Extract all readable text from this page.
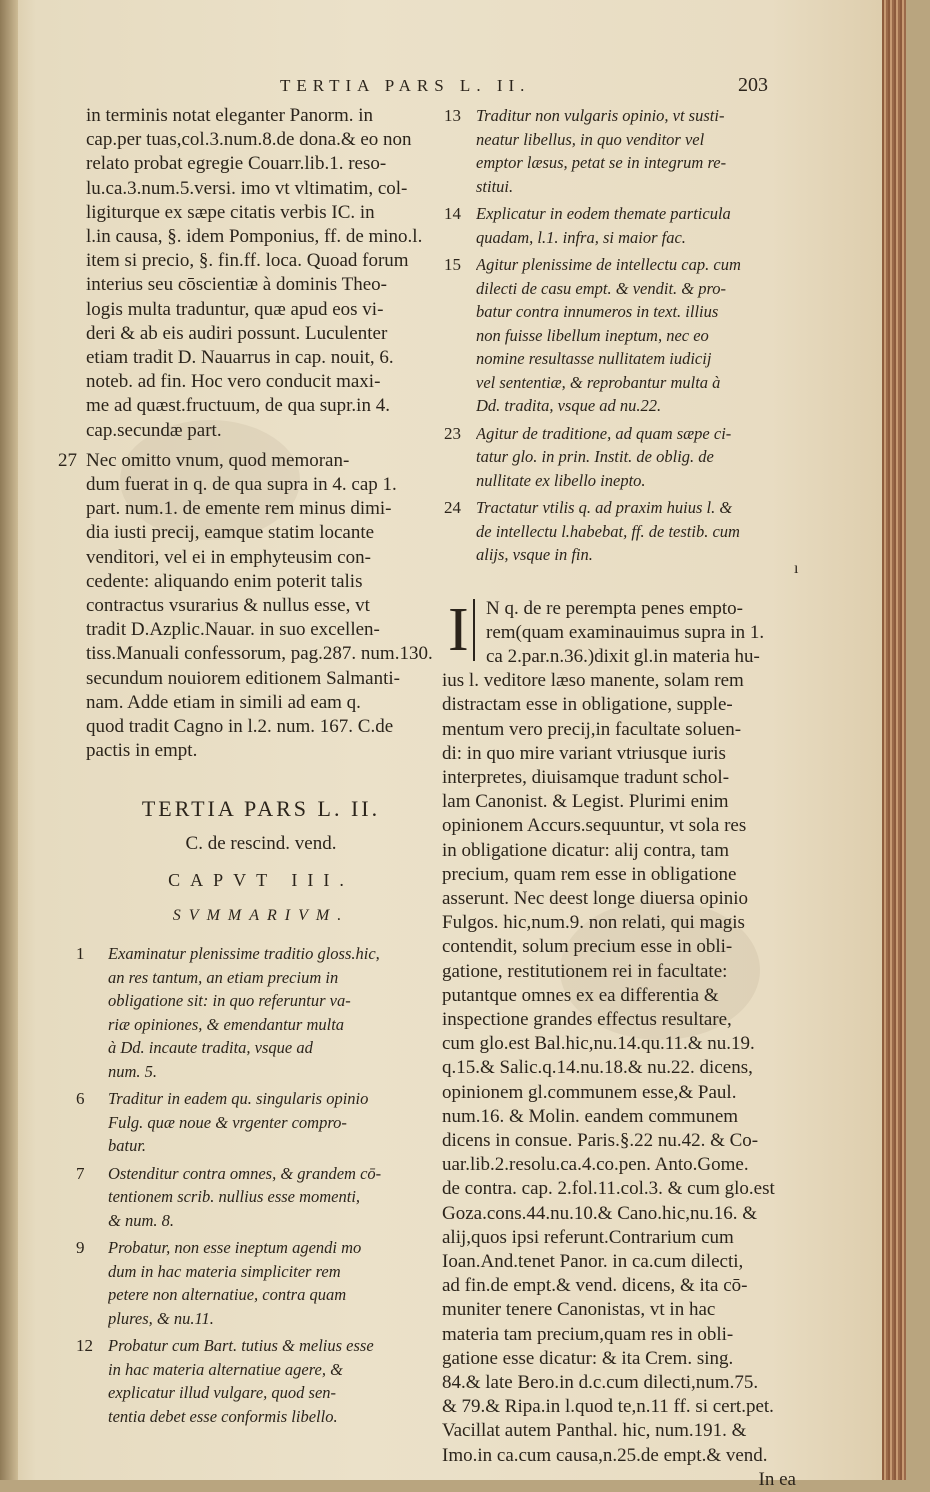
TERTIA PARS L. II.	203
in terminis notat eleganter Panorm. in
cap.per tuas,col.3.num.8.de dona.& eo non
relato probat egregie Couarr.lib.1. reso-
lu.ca.3.num.5.versi. imo vt vltimatim, col-
ligiturque ex sæpe citatis verbis IC. in
l.in causa, §. idem Pomponius, ff. de mino.l.
item si precio, §. fin.ff. loca. Quoad forum
interius seu cōscientiæ à dominis Theo-
logis multa traduntur, quæ apud eos vi-
deri & ab eis audiri possunt. Luculenter
etiam tradit D. Nauarrus in cap. nouit, 6.
noteb. ad fin. Hoc vero conducit maxi-
me ad quæst.fructuum, de qua supr.in 4.
cap.secundæ part.
27 Nec omitto vnum, quod memoran-
dum fuerat in q. de qua supra in 4. cap 1.
part. num.1. de emente rem minus dimi-
dia iusti precij, eamque statim locante
venditori, vel ei in emphyteusim con-
cedente: aliquando enim poterit talis
contractus vsurarius & nullus esse, vt
tradit D.Azplic.Nauar. in suo excellen-
tiss.Manuali confessorum, pag.287. num.130.
secundum nouiorem editionem Salmanti-
nam. Adde etiam in simili ad eam q.
quod tradit Cagno in l.2. num. 167. C.de
pactis in empt.
TERTIA PARS L. II.
C. de rescind. vend.
CAPVT III.
SVMMARIVM.
1	Examinatur plenissime traditio gloss.hic,
an res tantum, an etiam precium in
obligatione sit: in quo referuntur va-
riæ opiniones, & emendantur multa
à Dd. incaute tradita, vsque ad
num. 5.
6	Traditur in eadem qu. singularis opinio
Fulg. quæ noue & vrgenter compro-
batur.
7	Ostenditur contra omnes, & grandem cō-
tentionem scrib. nullius esse momenti,
& num. 8.
9	Probatur, non esse ineptum agendi mo
dum in hac materia simpliciter rem
petere non alternatiue, contra quam
plures, & nu.11.
12 Probatur cum Bart. tutius & melius esse
in hac materia alternatiue agere, &
explicatur illud vulgare, quod sen-
tentia debet esse conformis libello.
13 Traditur non vulgaris opinio, vt susti-
neatur libellus, in quo venditor vel
emptor læsus, petat se in integrum re-
stitui.
14 Explicatur in eodem themate particula
quadam, l.1. infra, si maior fac.
15 Agitur plenissime de intellectu cap. cum
dilecti de casu empt. & vendit. & pro-
batur contra innumeros in text. illius
non fuisse libellum ineptum, nec eo
nomine resultasse nullitatem iudicij
vel sententiæ, & reprobantur multa à
Dd. tradita, vsque ad nu.22.
23 Agitur de traditione, ad quam sæpe ci-
tatur glo. in prin. Instit. de oblig. de
nullitate ex libello inepto.
24 Tractatur vtilis q. ad praxim huius l. &
de intellectu l.habebat, ff. de testib. cum
alijs, vsque in fin.
I N q. de re perempta penes empto-
rem(quam examinauimus supra in 1.
ca 2.par.n.36.)dixit gl.in materia hu-
ius l. veditore læso manente, solam rem
distractam esse in obligatione, supple-
mentum vero precij,in facultate soluen-
di: in quo mire variant vtriusque iuris
interpretes, diuisamque tradunt schol-
lam Canonist. & Legist. Plurimi enim
opinionem Accurs.sequuntur, vt sola res
in obligatione dicatur: alij contra, tam
precium, quam rem esse in obligatione
asserunt. Nec deest longe diuersa opinio
Fulgos. hic,num.9. non relati, qui magis
contendit, solum precium esse in obli-
gatione, restitutionem rei in facultate:
putantque omnes ex ea differentia &
inspectione grandes effectus resultare,
cum glo.est Bal.hic,nu.14.qu.11.& nu.19.
q.15.& Salic.q.14.nu.18.& nu.22. dicens,
opinionem gl.communem esse,& Paul.
num.16. & Molin. eandem communem
dicens in consue. Paris.§.22 nu.42. & Co-
uar.lib.2.resolu.ca.4.co.pen. Anto.Gome.
de contra. cap. 2.fol.11.col.3. & cum glo.est
Goza.cons.44.nu.10.& Cano.hic,nu.16. &
alij,quos ipsi referunt.Contrarium cum
Ioan.And.tenet Panor. in ca.cum dilecti,
ad fin.de empt.& vend. dicens, & ita cō-
muniter tenere Canonistas, vt in hac
materia tam precium,quam res in obli-
gatione esse dicatur: & ita Crem. sing.
84.& late Bero.in d.c.cum dilecti,num.75.
& 79.& Ripa.in l.quod te,n.11 ff. si cert.pet.
Vacillat autem Panthal. hic, num.191. &
Imo.in ca.cum causa,n.25.de empt.& vend.
In ea
ı
